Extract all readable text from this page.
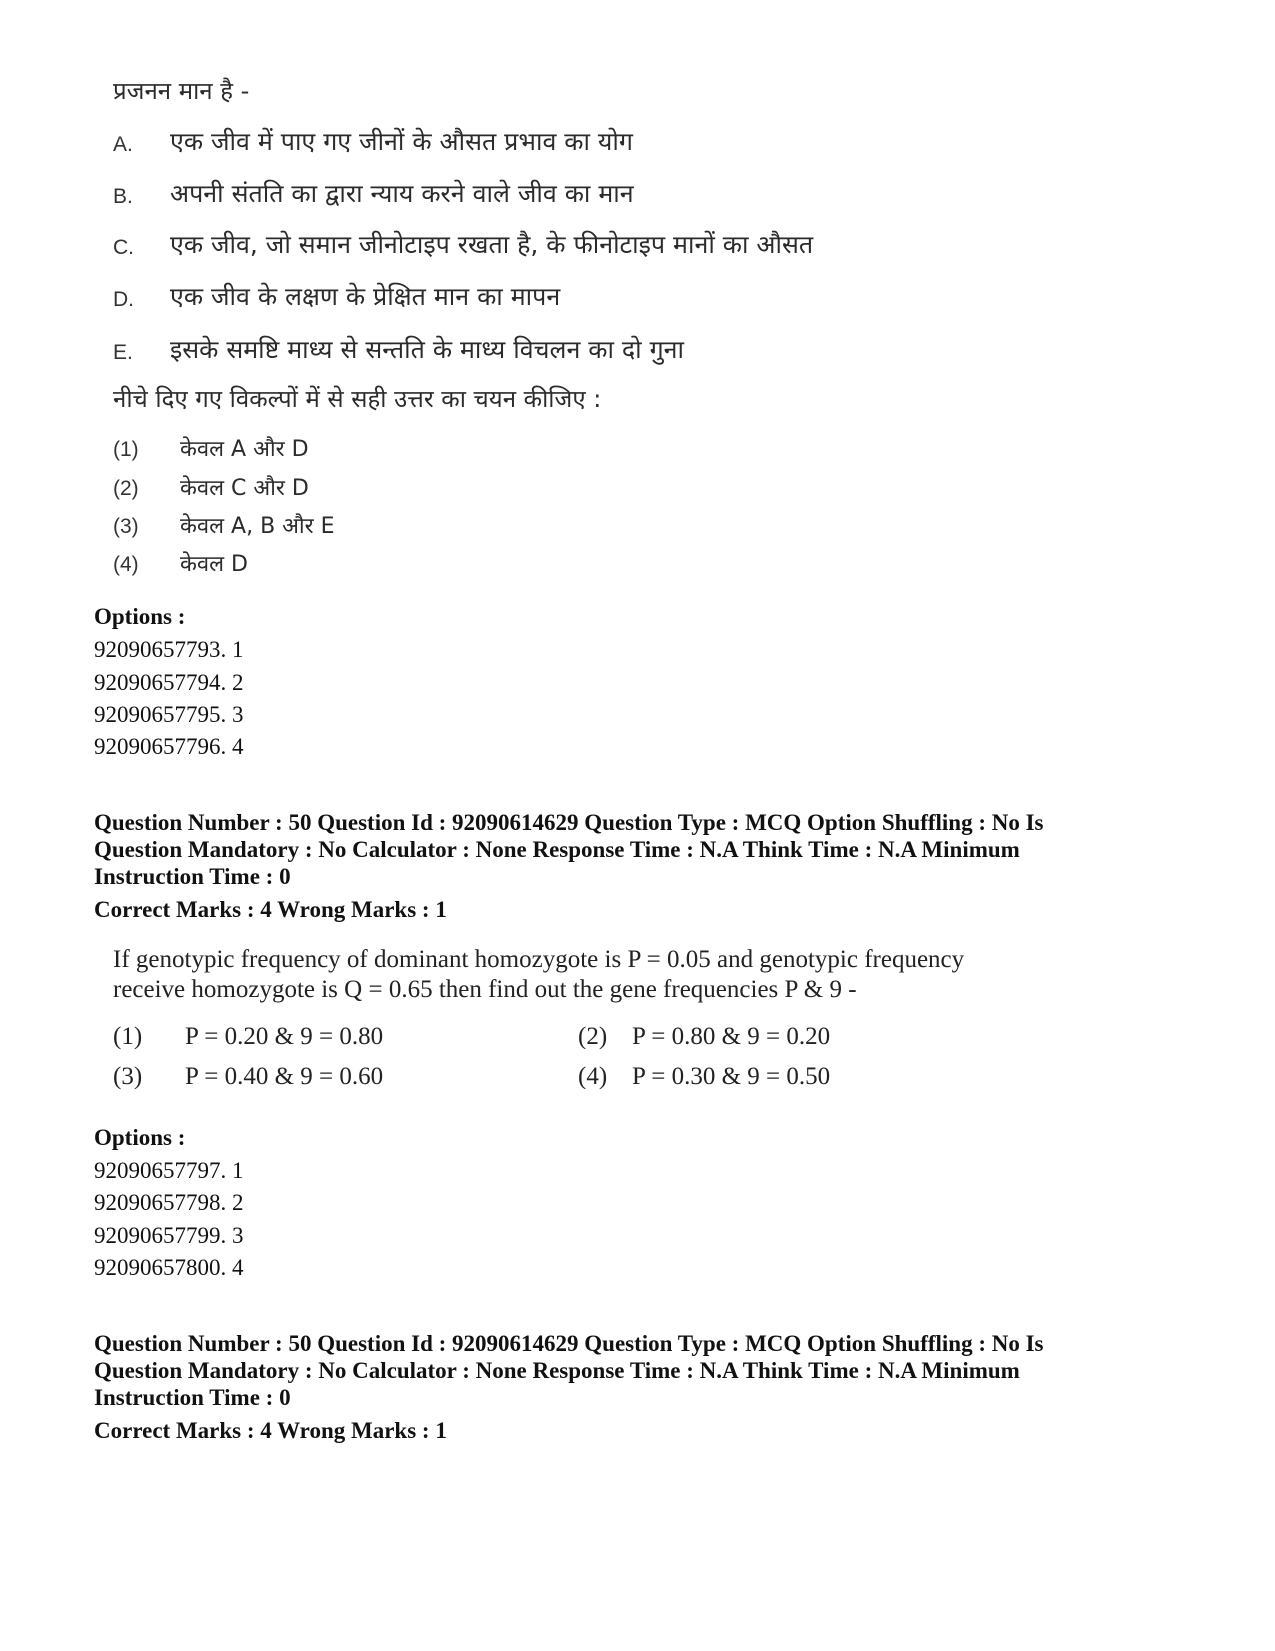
प्रजनन मान है -
A. एक जीव में पाए गए जीनों के औसत प्रभाव का योग
B. अपनी संतति का द्वारा न्याय करने वाले जीव का मान
C. एक जीव, जो समान जीनोटाइप रखता है, के फीनोटाइप मानों का औसत
D. एक जीव के लक्षण के प्रेक्षित मान का मापन
E. इसके समष्टि माध्य से सन्तति के माध्य विचलन का दो गुना
नीचे दिए गए विकल्पों में से सही उत्तर का चयन कीजिए :
(1) केवल A और D
(2) केवल C और D
(3) केवल A, B और E
(4) केवल D
Options :
92090657793. 1
92090657794. 2
92090657795. 3
92090657796. 4
Question Number : 50 Question Id : 92090614629 Question Type : MCQ Option Shuffling : No Is
Question Mandatory : No Calculator : None Response Time : N.A Think Time : N.A Minimum
Instruction Time : 0
Correct Marks : 4 Wrong Marks : 1
If genotypic frequency of dominant homozygote is P = 0.05 and genotypic frequency
receive homozygote is Q = 0.65 then find out the gene frequencies P & 9 -
(1) P = 0.20 & 9 = 0.80	(2) P = 0.80 & 9 = 0.20
(3) P = 0.40 & 9 = 0.60	(4) P = 0.30 & 9 = 0.50
Options :
92090657797. 1
92090657798. 2
92090657799. 3
92090657800. 4
Question Number : 50 Question Id : 92090614629 Question Type : MCQ Option Shuffling : No Is
Question Mandatory : No Calculator : None Response Time : N.A Think Time : N.A Minimum
Instruction Time : 0
Correct Marks : 4 Wrong Marks : 1
